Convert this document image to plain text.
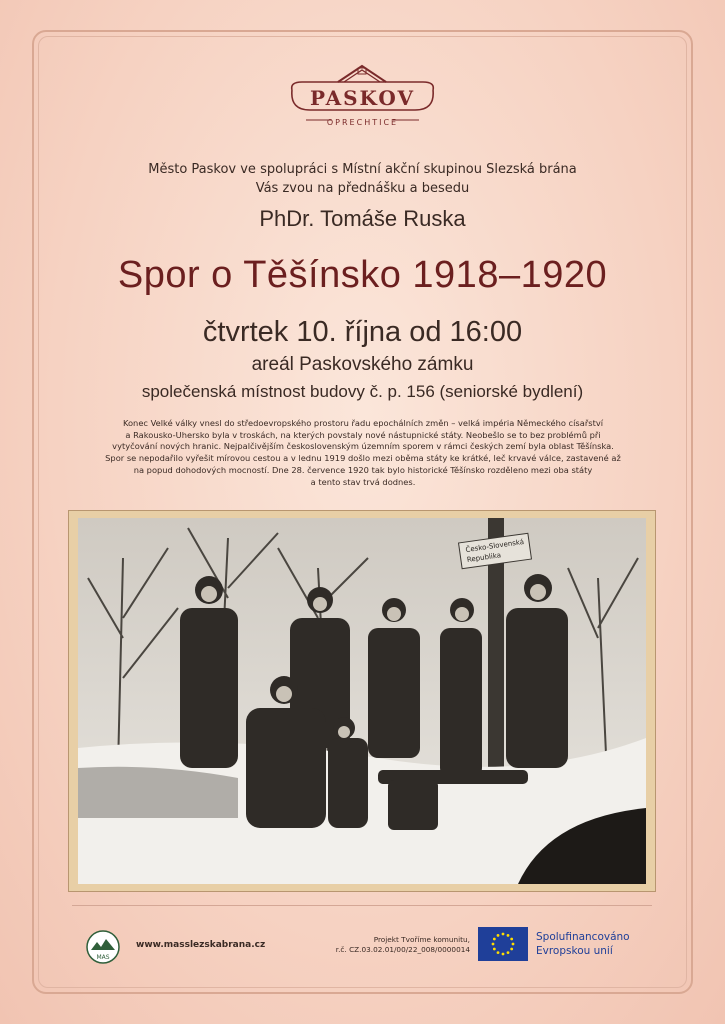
PASKOV
OPRECHTICE
Město Paskov ve spolupráci s Místní akční skupinou Slezská brána
Vás zvou na přednášku a besedu
PhDr. Tomáše Ruska
Spor o Těšínsko 1918–1920
čtvrtek 10. října od 16:00
areál Paskovského zámku
společenská místnost budovy č. p. 156 (seniorské bydlení)
Konec Velké války vnesl do středoevropského prostoru řadu epochálních změn – velká impéria Německého císařství
a Rakousko-Uhersko byla v troskách, na kterých povstaly nové nástupnické státy. Neobešlo se to bez problémů při
vytyčování nových hranic. Nejpalčivějším československým územním sporem v rámci českých zemí byla oblast Těšínska.
Spor se nepodařilo vyřešit mírovou cestou a v lednu 1919 došlo mezi oběma státy ke krátké, leč krvavé válce, zastavené až
na popud dohodových mocností. Dne 28. července 1920 tak bylo historické Těšínsko rozděleno mezi oba státy
a tento stav trvá dodnes.
Česko-Slovenská
Republika
MAS
www.masslezskabrana.cz
Projekt Tvoříme komunitu,
r.č. CZ.03.02.01/00/22_008/0000014
Spolufinancováno
Evropskou unií
